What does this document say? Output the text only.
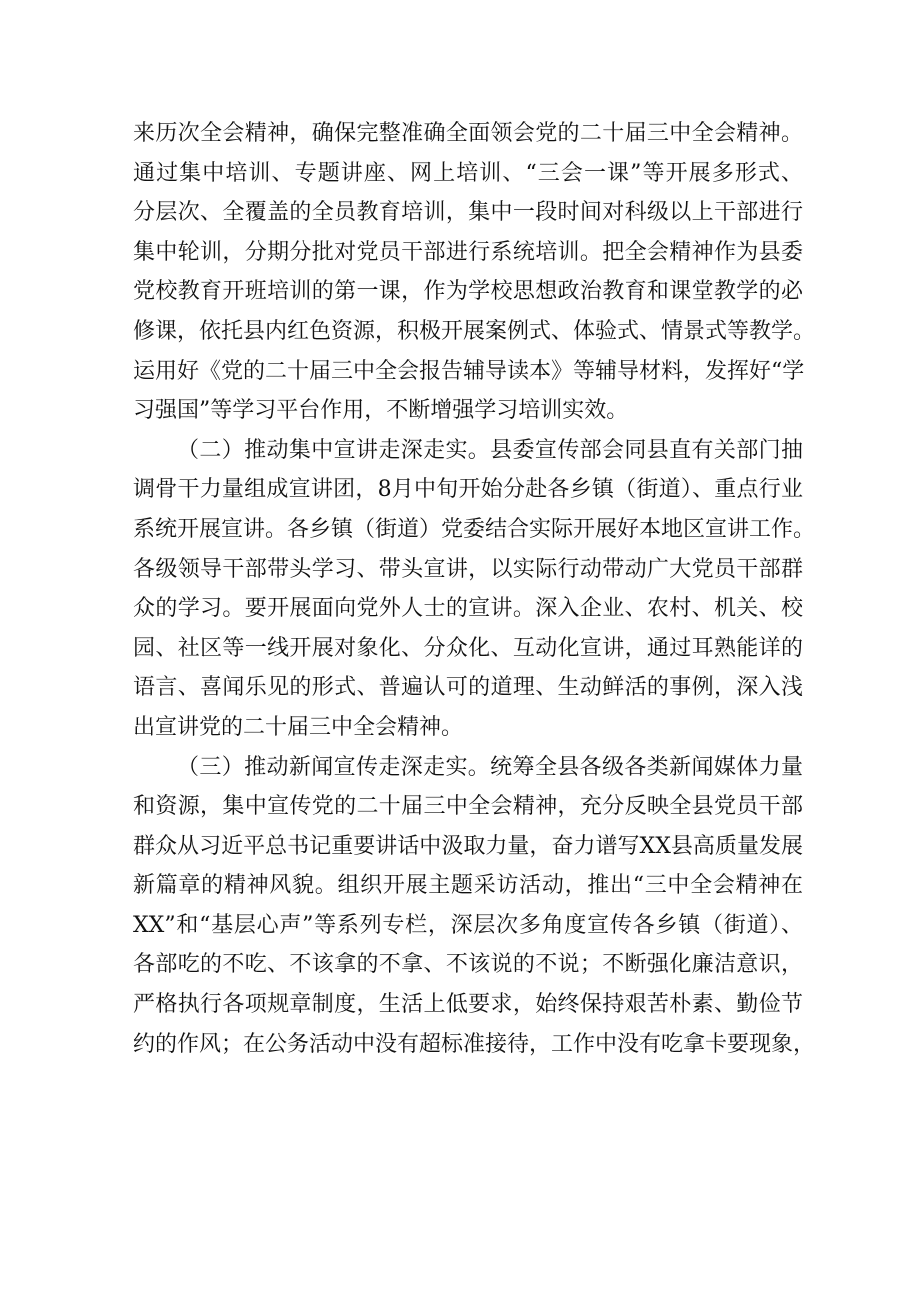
来历次全会精神，确保完整准确全面领会党的二十届三中全会精神。
通过集中培训、专题讲座、网上培训、“三会一课”等开展多形式、
分层次、全覆盖的全员教育培训，集中一段时间对科级以上干部进行
集中轮训，分期分批对党员干部进行系统培训。把全会精神作为县委
党校教育开班培训的第一课，作为学校思想政治教育和课堂教学的必
修课，依托县内红色资源，积极开展案例式、体验式、情景式等教学。
运用好《党的二十届三中全会报告辅导读本》等辅导材料，发挥好“学
习强国”等学习平台作用，不断增强学习培训实效。
（二）推动集中宣讲走深走实。县委宣传部会同县直有关部门抽
调骨干力量组成宣讲团，8月中旬开始分赴各乡镇（街道）、重点行业
系统开展宣讲。各乡镇（街道）党委结合实际开展好本地区宣讲工作。
各级领导干部带头学习、带头宣讲，以实际行动带动广大党员干部群
众的学习。要开展面向党外人士的宣讲。深入企业、农村、机关、校
园、社区等一线开展对象化、分众化、互动化宣讲，通过耳熟能详的
语言、喜闻乐见的形式、普遍认可的道理、生动鲜活的事例，深入浅
出宣讲党的二十届三中全会精神。
（三）推动新闻宣传走深走实。统筹全县各级各类新闻媒体力量
和资源，集中宣传党的二十届三中全会精神，充分反映全县党员干部
群众从习近平总书记重要讲话中汲取力量，奋力谱写XX县高质量发展
新篇章的精神风貌。组织开展主题采访活动，推出“三中全会精神在
XX”和“基层心声”等系列专栏，深层次多角度宣传各乡镇（街道）、
各部吃的不吃、不该拿的不拿、不该说的不说；不断强化廉洁意识，
严格执行各项规章制度，生活上低要求，始终保持艰苦朴素、勤俭节
约的作风；在公务活动中没有超标准接待，工作中没有吃拿卡要现象，
